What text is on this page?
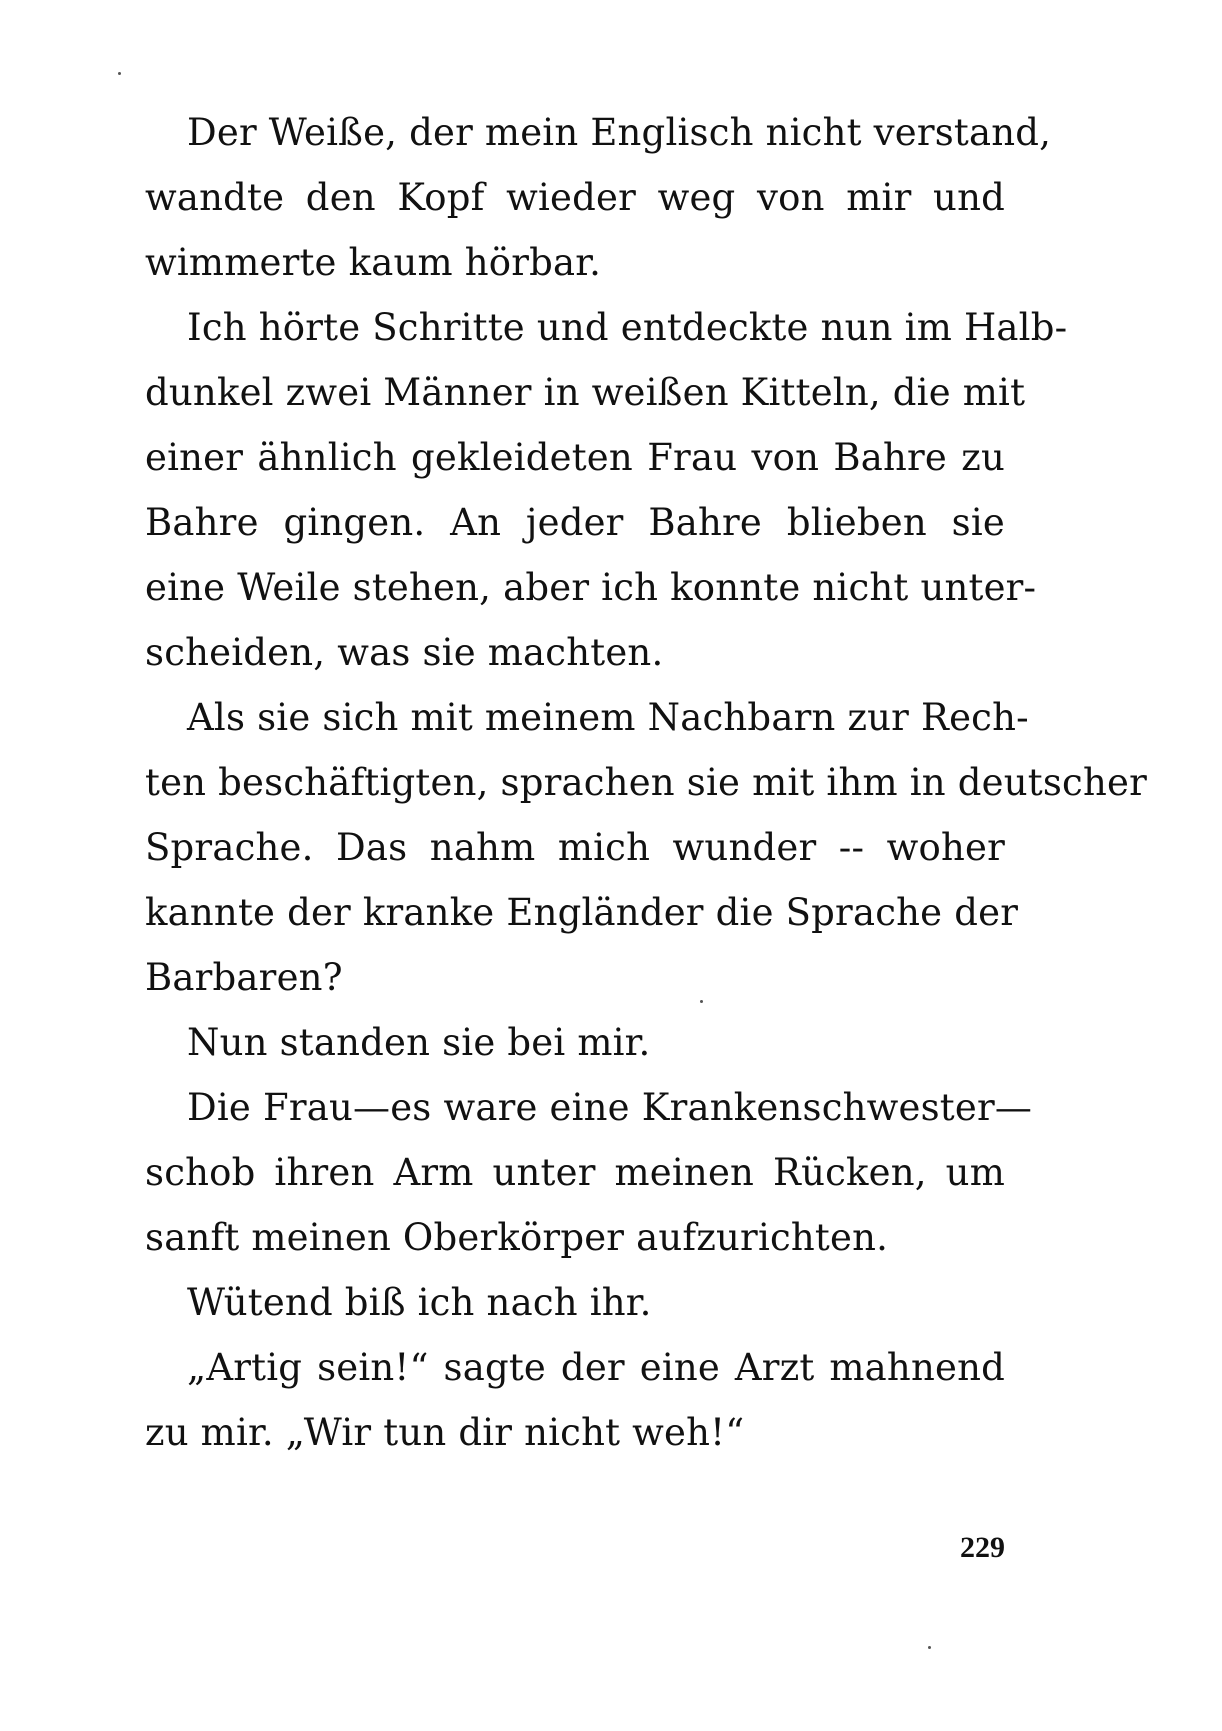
Der Weiße, der mein Englisch nicht verstand,
wandte den Kopf wieder weg von mir und
wimmerte kaum hörbar.
Ich hörte Schritte und entdeckte nun im Halb-
dunkel zwei Männer in weißen Kitteln, die mit
einer ähnlich gekleideten Frau von Bahre zu
Bahre gingen. An jeder Bahre blieben sie
eine Weile stehen, aber ich konnte nicht unter-
scheiden, was sie machten.
Als sie sich mit meinem Nachbarn zur Rech-
ten beschäftigten, sprachen sie mit ihm in deutscher
Sprache. Das nahm mich wunder -- woher
kannte der kranke Engländer die Sprache der
Barbaren?
Nun standen sie bei mir.
Die Frau—es ware eine Krankenschwester—
schob ihren Arm unter meinen Rücken, um
sanft meinen Oberkörper aufzurichten.
Wütend biß ich nach ihr.
„Artig sein!“ sagte der eine Arzt mahnend
zu mir. „Wir tun dir nicht weh!“
229
